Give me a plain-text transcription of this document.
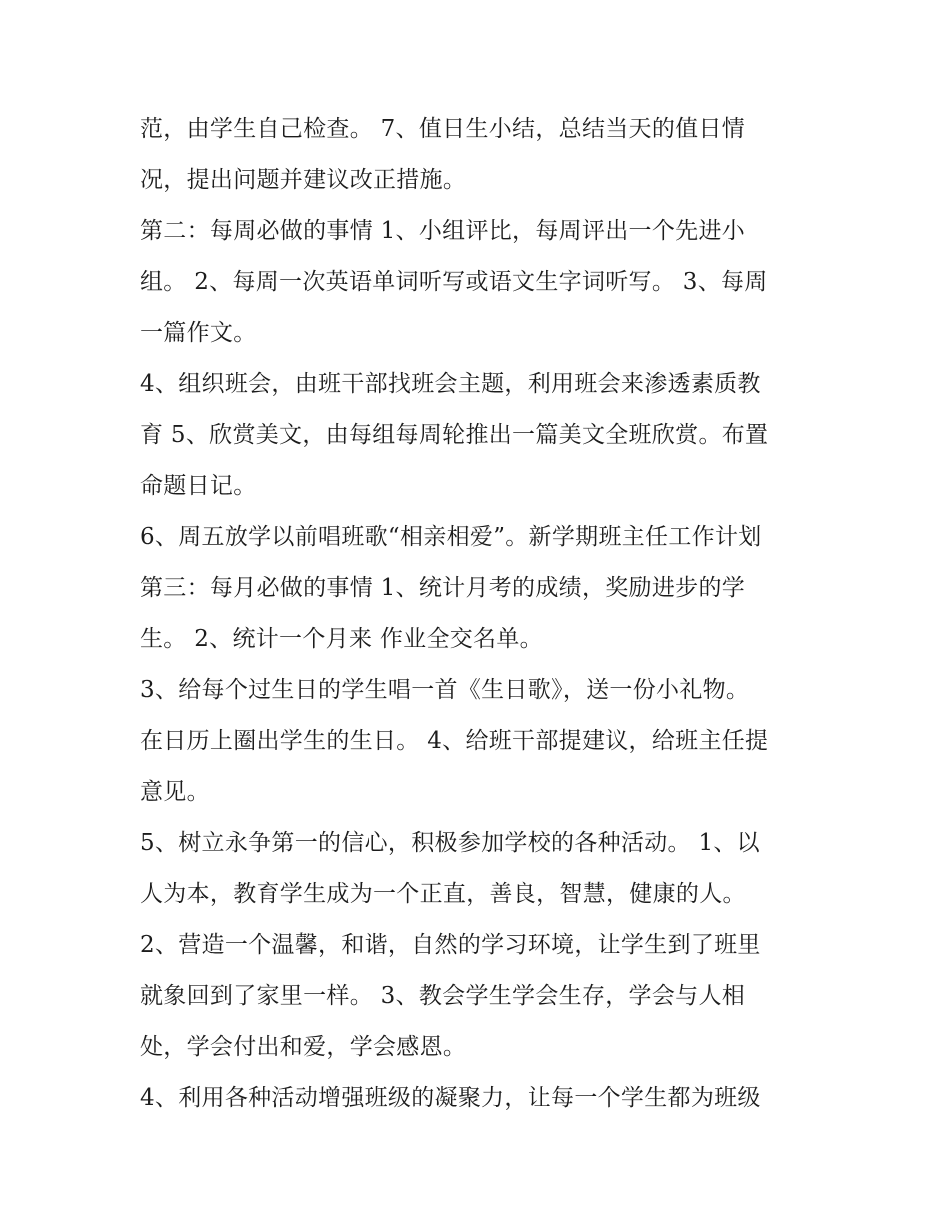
范，由学生自己检查。 7、值日生小结，总结当天的值日情
况，提出问题并建议改正措施。
第二：每周必做的事情 1、小组评比，每周评出一个先进小
组。 2、每周一次英语单词听写或语文生字词听写。 3、每周
一篇作文。
4、组织班会，由班干部找班会主题，利用班会来渗透素质教
育 5、欣赏美文，由每组每周轮推出一篇美文全班欣赏。布置
命题日记。
6、周五放学以前唱班歌“相亲相爱”。新学期班主任工作计划
第三：每月必做的事情 1、统计月考的成绩，奖励进步的学
生。 2、统计一个月来 作业全交名单。
3、给每个过生日的学生唱一首《生日歌》，送一份小礼物。
在日历上圈出学生的生日。 4、给班干部提建议，给班主任提
意见。
5、树立永争第一的信心，积极参加学校的各种活动。 1、以
人为本，教育学生成为一个正直，善良，智慧，健康的人。
2、营造一个温馨，和谐，自然的学习环境，让学生到了班里
就象回到了家里一样。 3、教会学生学会生存，学会与人相
处，学会付出和爱，学会感恩。
4、利用各种活动增强班级的凝聚力，让每一个学生都为班级
